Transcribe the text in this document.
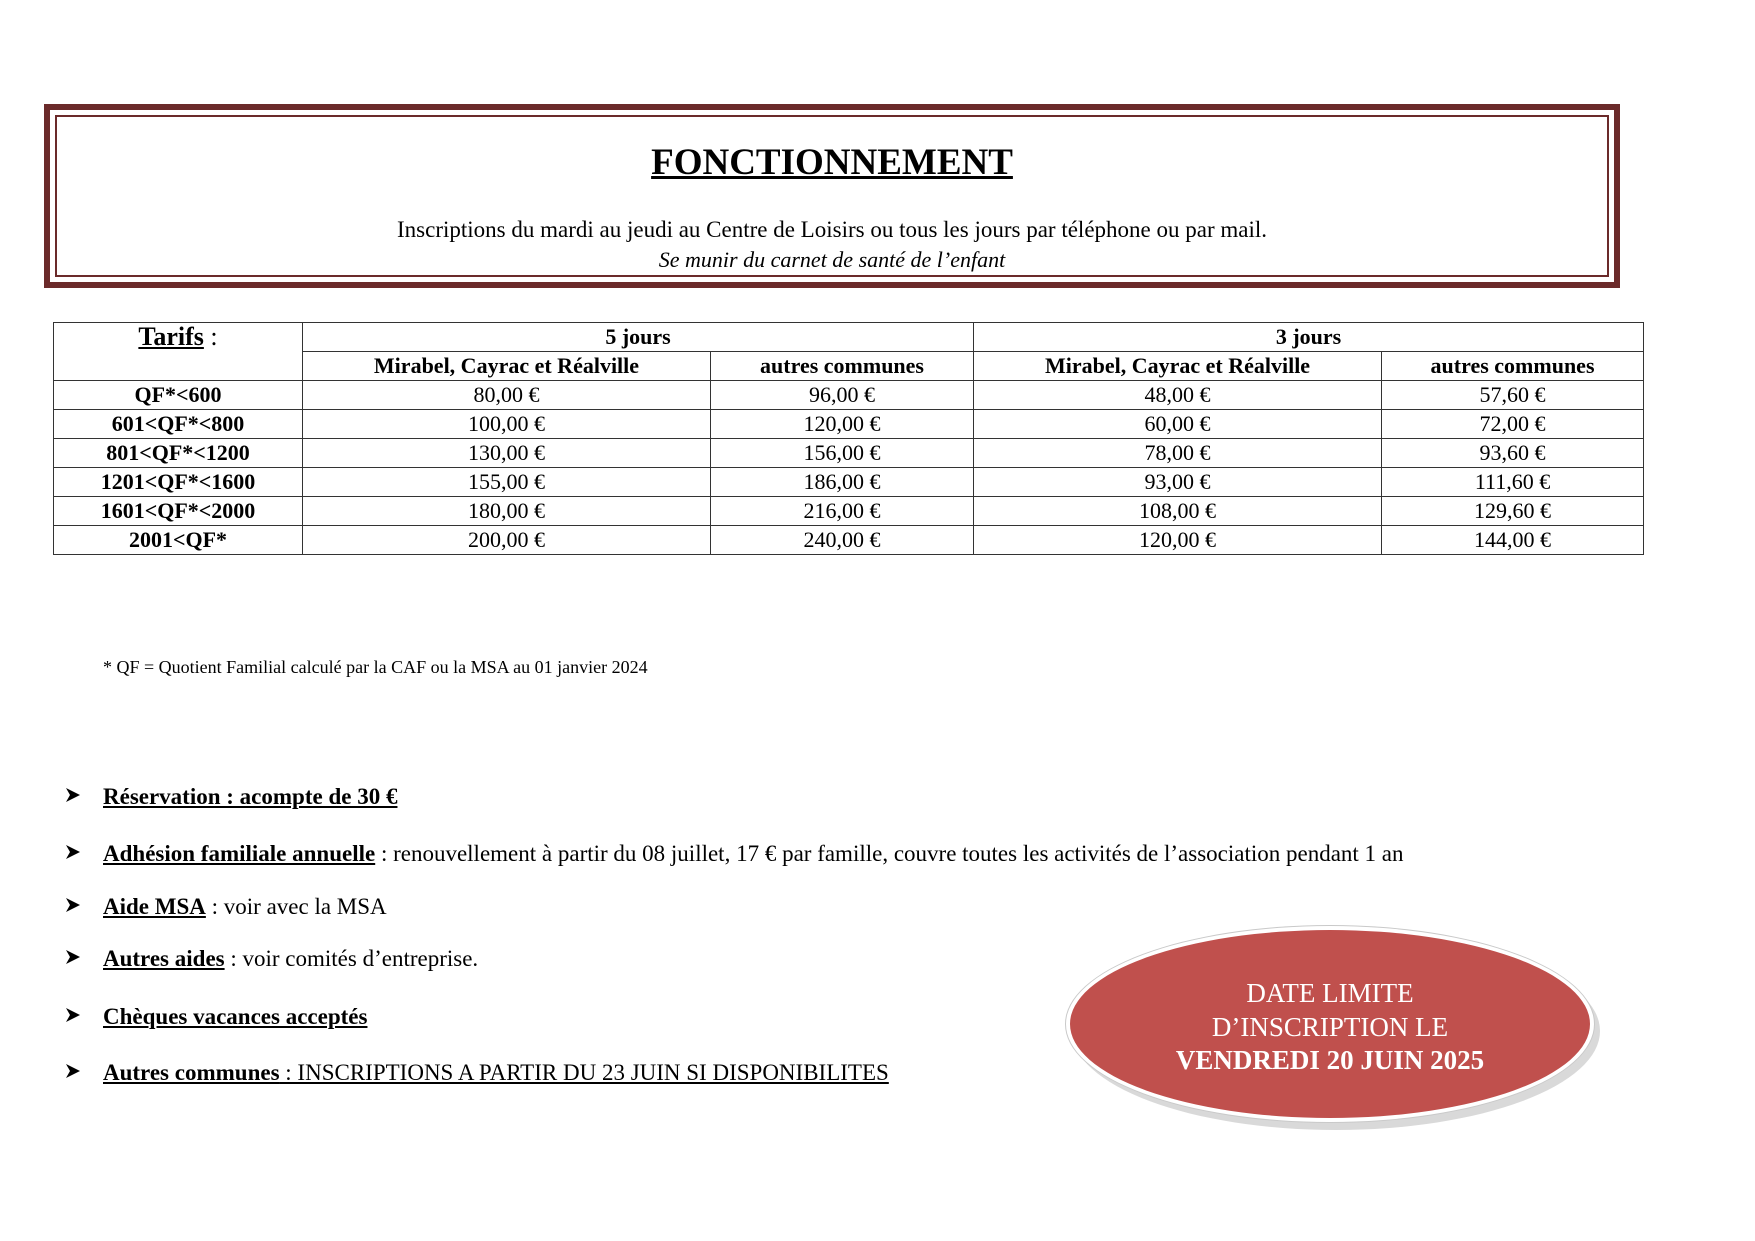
FONCTIONNEMENT
Inscriptions du mardi au jeudi au Centre de Loisirs ou tous les jours par téléphone ou par mail.
Se munir du carnet de santé de l’enfant
Tarifs :	5 jours		3 jours	
	Mirabel, Cayrac et Réalville	autres communes	Mirabel, Cayrac et Réalville	autres communes
QF*<600	80,00 €	96,00 €	48,00 €	57,60 €
601<QF*<800	100,00 €	120,00 €	60,00 €	72,00 €
801<QF*<1200	130,00 €	156,00 €	78,00 €	93,60 €
1201<QF*<1600	155,00 €	186,00 €	93,00 €	111,60 €
1601<QF*<2000	180,00 €	216,00 €	108,00 €	129,60 €
2001<QF*	200,00 €	240,00 €	120,00 €	144,00 €
* QF = Quotient Familial calculé par la CAF ou la MSA au 01 janvier 2024
Réservation : acompte de 30 €
Adhésion familiale annuelle : renouvellement à partir du 08 juillet, 17 € par famille, couvre toutes les activités de l’association pendant 1 an
Aide MSA : voir avec la MSA
Autres aides : voir comités d’entreprise.
Chèques vacances acceptés
Autres communes : INSCRIPTIONS A PARTIR DU 23 JUIN SI DISPONIBILITES
DATE LIMITE
D’INSCRIPTION LE
VENDREDI 20 JUIN 2025
